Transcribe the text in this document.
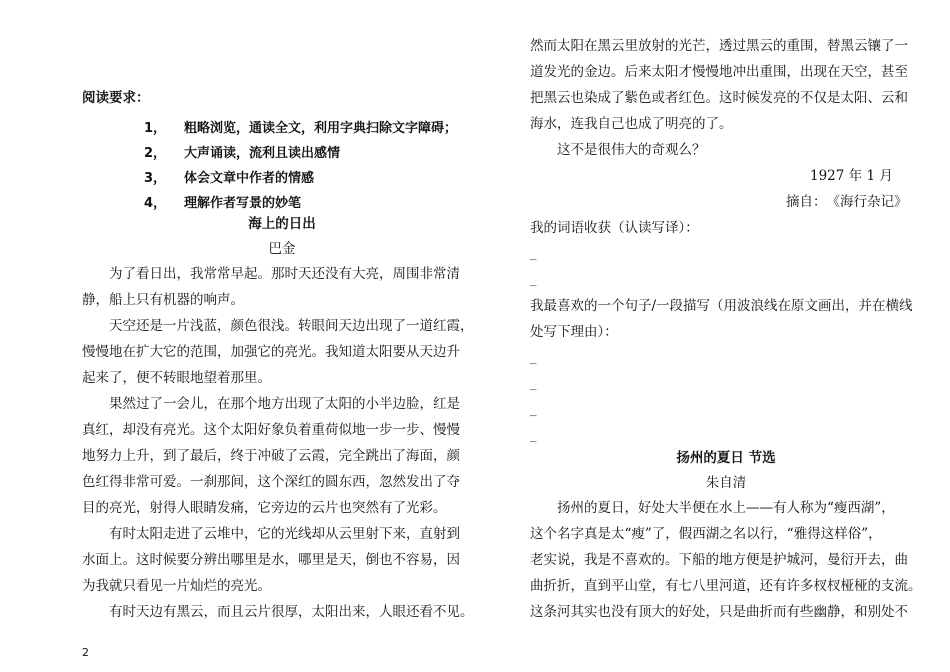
阅读要求：
1， 粗略浏览，通读全文，利用字典扫除文字障碍；
2， 大声诵读，流利且读出感情
3， 体会文章中作者的情感
4， 理解作者写景的妙笔
海上的日出
巴金
　　为了看日出，我常常早起。那时天还没有大亮，周围非常清
静，船上只有机器的响声。
　　天空还是一片浅蓝，颜色很浅。转眼间天边出现了一道红霞，
慢慢地在扩大它的范围，加强它的亮光。我知道太阳要从天边升
起来了，便不转眼地望着那里。
　　果然过了一会儿，在那个地方出现了太阳的小半边脸，红是
真红，却没有亮光。这个太阳好象负着重荷似地一步一步、慢慢
地努力上升，到了最后，终于冲破了云霞，完全跳出了海面，颜
色红得非常可爱。一刹那间，这个深红的圆东西，忽然发出了夺
目的亮光，射得人眼睛发痛，它旁边的云片也突然有了光彩。
　　有时太阳走进了云堆中，它的光线却从云里射下来，直射到
水面上。这时候要分辨出哪里是水，哪里是天，倒也不容易，因
为我就只看见一片灿烂的亮光。
　　有时天边有黑云，而且云片很厚，太阳出来，人眼还看不见。
然而太阳在黑云里放射的光芒，透过黑云的重围，替黑云镶了一
道发光的金边。后来太阳才慢慢地冲出重围，出现在天空，甚至
把黑云也染成了紫色或者红色。这时候发亮的不仅是太阳、云和
海水，连我自己也成了明亮的了。
　　这不是很伟大的奇观么？
1927 年 1 月
摘自：　《海行杂记》
我的词语收获（认读写译）：
_
_
我最喜欢的一个句子/一段描写（用波浪线在原文画出，并在横线
处写下理由）：
_
_
_
_
扬州的夏日 节选
朱自清
　　扬州的夏日，好处大半便在水上——有人称为“瘦西湖”，
这个名字真是太“瘦”了，假西湖之名以行，“雅得这样俗”，
老实说，我是不喜欢的。下船的地方便是护城河，曼衍开去，曲
曲折折，直到平山堂，有七八里河道，还有许多杈杈桠桠的支流。
这条河其实也没有顶大的好处，只是曲折而有些幽静，和别处不
2
